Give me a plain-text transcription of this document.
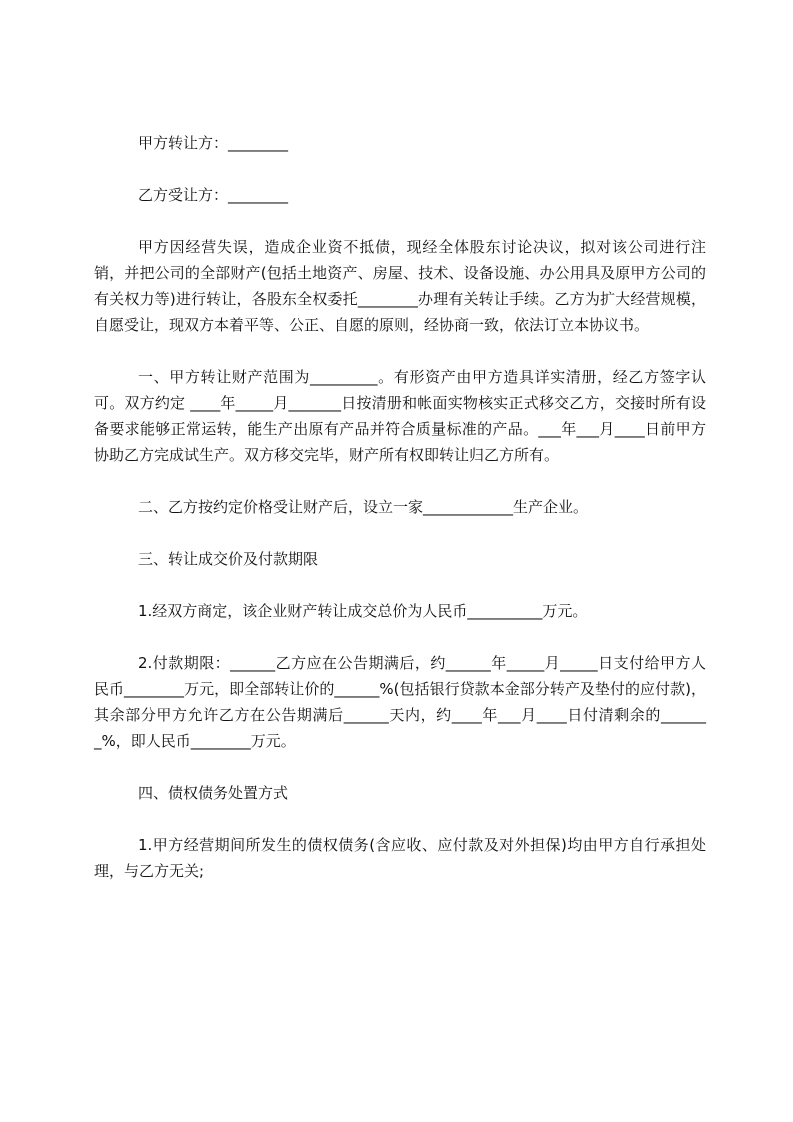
甲方转让方：________

乙方受让方：________

甲方因经营失误，造成企业资不抵债，现经全体股东讨论决议，拟对该公司进行注销，并把公司的全部财产(包括土地资产、房屋、技术、设备设施、办公用具及原甲方公司的有关权力等)进行转让，各股东全权委托________办理有关转让手续。乙方为扩大经营规模，自愿受让，现双方本着平等、公正、自愿的原则，经协商一致，依法订立本协议书。

一、甲方转让财产范围为_________。有形资产由甲方造具详实清册，经乙方签字认可。双方约定 ____年_____月_______日按清册和帐面实物核实正式移交乙方，交接时所有设备要求能够正常运转，能生产出原有产品并符合质量标准的产品。___年___月____日前甲方协助乙方完成试生产。双方移交完毕，财产所有权即转让归乙方所有。

二、乙方按约定价格受让财产后，设立一家____________生产企业。

三、转让成交价及付款期限

1.经双方商定，该企业财产转让成交总价为人民币__________万元。

2.付款期限：______乙方应在公告期满后，约______年_____月_____日支付给甲方人民币________万元，即全部转让价的______%(包括银行贷款本金部分转产及垫付的应付款)，其余部分甲方允许乙方在公告期满后______天内，约____年___月____日付清剩余的_______%，即人民币________万元。

四、债权债务处置方式

1.甲方经营期间所发生的债权债务(含应收、应付款及对外担保)均由甲方自行承担处理，与乙方无关;
